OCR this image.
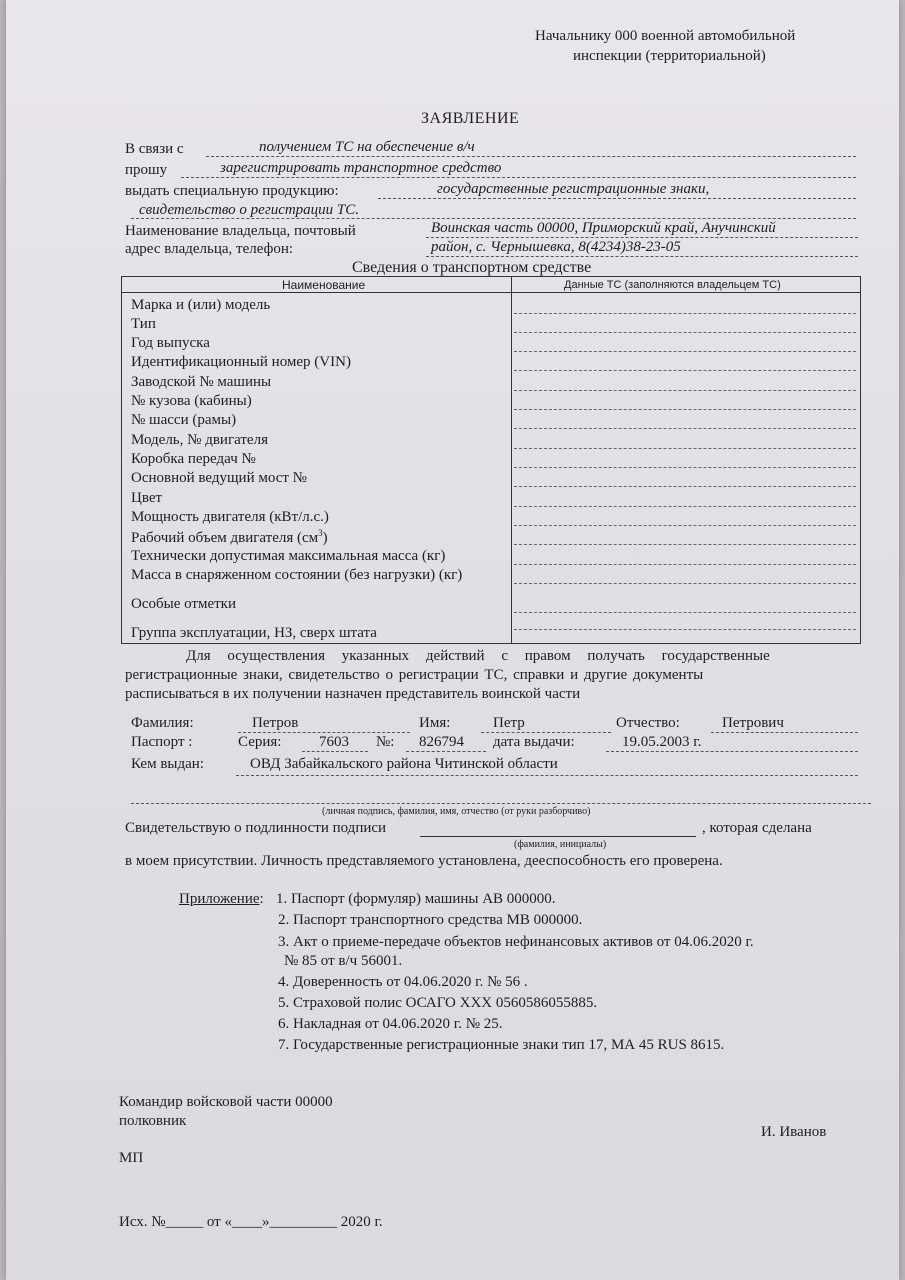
Начальнику 000 военной автомобильной
инспекции (территориальной)
ЗАЯВЛЕНИЕ
В связи с	получением ТС на обеспечение в/ч
прошу	зарегистрировать транспортное средство
выдать специальную продукцию:	государственные регистрационные знаки,
свидетельство о регистрации ТС.
Наименование владельца, почтовый
адрес владельца, телефон:
Воинская часть 00000, Приморский край, Анучинский
район, с. Чернышевка, 8(4234)38-23-05
Сведения о транспортном средстве
Наименование	Данные ТС (заполняются владельцем ТС)
Марка и (или) модель
Тип
Год выпуска
Идентификационный номер (VIN)
Заводской № машины
№ кузова (кабины)
№ шасси (рамы)
Модель, № двигателя
Коробка передач №
Основной ведущий мост №
Цвет
Мощность двигателя (кВт/л.с.)
Рабочий объем двигателя $(см^3)$
Технически допустимая максимальная масса (кг)
Масса в снаряженном состоянии (без нагрузки) (кг)
Особые отметки
Группа эксплуатации, НЗ, сверх штата
Для осуществления указанных действий с правом получать государственные
регистрационные знаки, свидетельство о регистрации ТС, справки и другие документы
расписываться в их получении назначен представитель воинской части
Фамилия:	Петров	Имя:	Петр	Отчество:	Петрович
Паспорт :	Серия:	7603 №: 826794 дата выдачи:	19.05.2003 г.
Кем выдан:	ОВД Забайкальского района Читинской области
(личная подпись, фамилия, имя, отчество (от руки разборчиво)
Свидетельствую о подлинности подписи	, которая сделана
(фамилия, инициалы)
в моем присутствии. Личность представляемого установлена, дееспособность его проверена.
Приложение: 1. Паспорт (формуляр) машины АВ 000000.
2. Паспорт транспортного средства МВ 000000.
3. Акт о приеме-передаче объектов нефинансовых активов от 04.06.2020 г.
№ 85 от в/ч 56001.
4. Доверенность от 04.06.2020 г. № 56 .
5. Страховой полис ОСАГО XXX 0560586055885.
6. Накладная от 04.06.2020 г. № 25.
7. Государственные регистрационные знаки тип 17, МА 45 RUS 8615.
Командир войсковой части 00000
полковник
И. Иванов
МП
Исх. №_____ от «____»_________ 2020 г.
